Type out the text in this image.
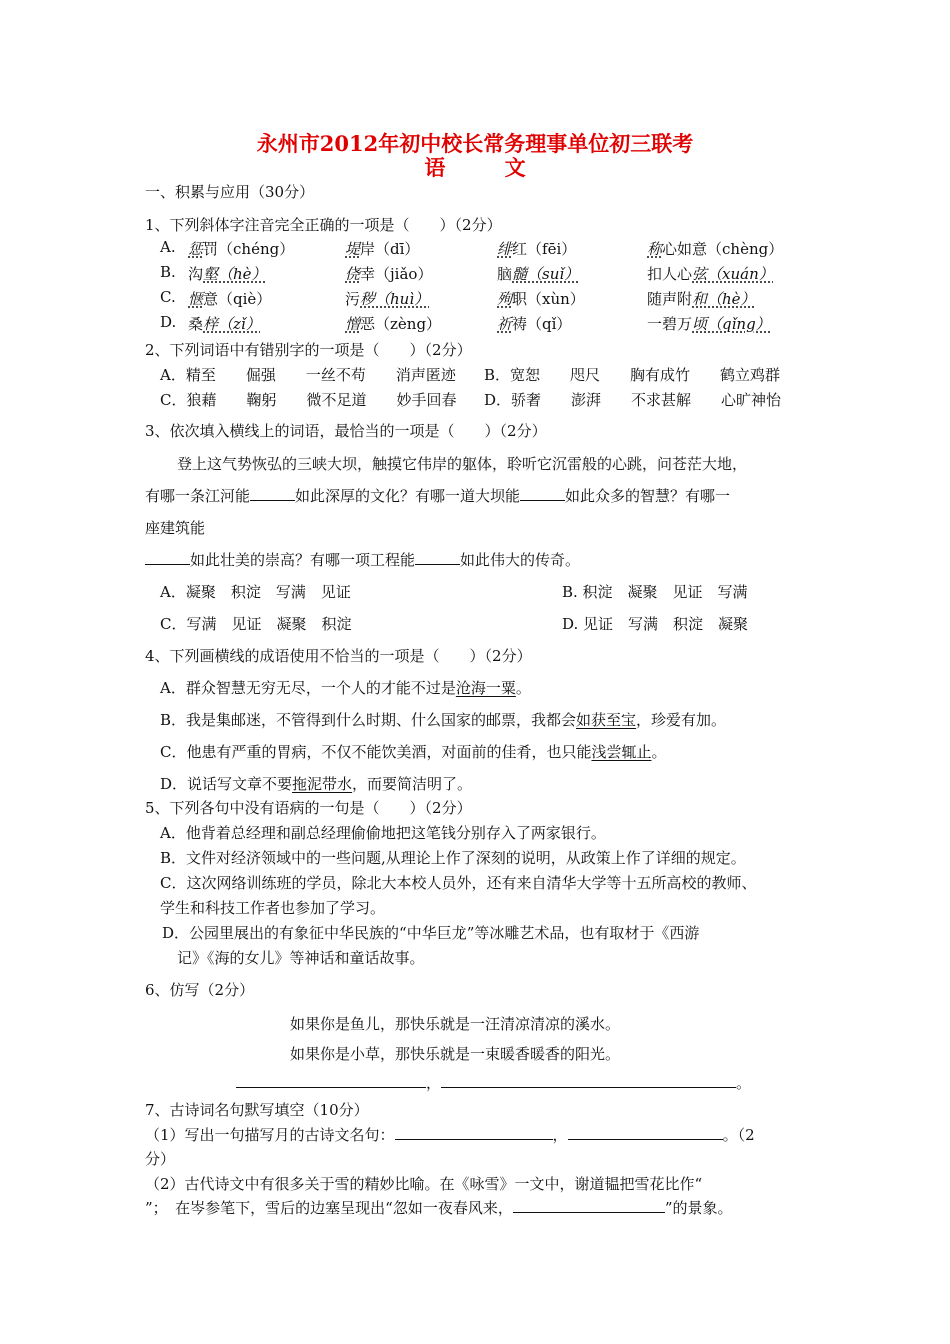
永州市2012年初中校长常务理事单位初三联考
语 文
一、积累与应用（30分）
1、下列斜体字注音完全正确的一项是（　　）（2分）
A. 惩罚（chéng）	堤岸（dī）	绯红（fēi）	称心如意（chèng）
B. 沟壑（hè）	侥幸（jiǎo）	脑髓（suǐ）	扣人心弦（xuán）
C. 惬意（qiè）	污秽（huì）	殉职（xùn）	随声附和（hè）
D. 桑梓（zǐ）	憎恶（zèng）	祈祷（qǐ）	一碧万顷（qǐng）
2、下列词语中有错别字的一项是（　　）（2分）
A．精至　　倔强　　一丝不苟　　消声匿迹 B．宽恕　　咫尺　　胸有成竹　　鹤立鸡群
C．狼藉　　鞠躬　　微不足道　　妙手回春 D．骄奢　　澎湃　　不求甚解　　心旷神怡
3、依次填入横线上的词语，最恰当的一项是（　　）（2分）
登上这气势恢弘的三峡大坝，触摸它伟岸的躯体，聆听它沉雷般的心跳，问苍茫大地，
有哪一条江河能	如此深厚的文化？有哪一道大坝能	如此众多的智慧？有哪一
座建筑能
如此壮美的崇高？有哪一项工程能	如此伟大的传奇。
A．凝聚　积淀　写满　见证	B. 积淀　凝聚　见证　写满
C．写满　见证　凝聚　积淀	D. 见证　写满　积淀　凝聚
4、下列画横线的成语使用不恰当的一项是（　　）（2分）
A．群众智慧无穷无尽，一个人的才能不过是沧海一粟。
B．我是集邮迷，不管得到什么时期、什么国家的邮票，我都会如获至宝，珍爱有加。
C．他患有严重的胃病，不仅不能饮美酒，对面前的佳肴，也只能浅尝辄止。
D．说话写文章不要拖泥带水，而要简洁明了。
5、下列各句中没有语病的一句是（　　）（2分）
A．他背着总经理和副总经理偷偷地把这笔钱分别存入了两家银行。
B．文件对经济领域中的一些问题,从理论上作了深刻的说明，从政策上作了详细的规定。
C．这次网络训练班的学员，除北大本校人员外，还有来自清华大学等十五所高校的教师、
学生和科技工作者也参加了学习。
D．公园里展出的有象征中华民族的“中华巨龙”等冰雕艺术品，也有取材于《西游
记》《海的女儿》等神话和童话故事。
6、仿写（2分）
如果你是鱼儿，那快乐就是一汪清凉清凉的溪水。
如果你是小草，那快乐就是一束暖香暖香的阳光。
，	。
7、古诗词名句默写填空（10分）
（1）写出一句描写月的古诗文名句：	，	。（2
分）
（2）古代诗文中有很多关于雪的精妙比喻。在《咏雪》一文中，谢道韫把雪花比作“
”；　在岑参笔下，雪后的边塞呈现出“忽如一夜春风来，	”的景象。
